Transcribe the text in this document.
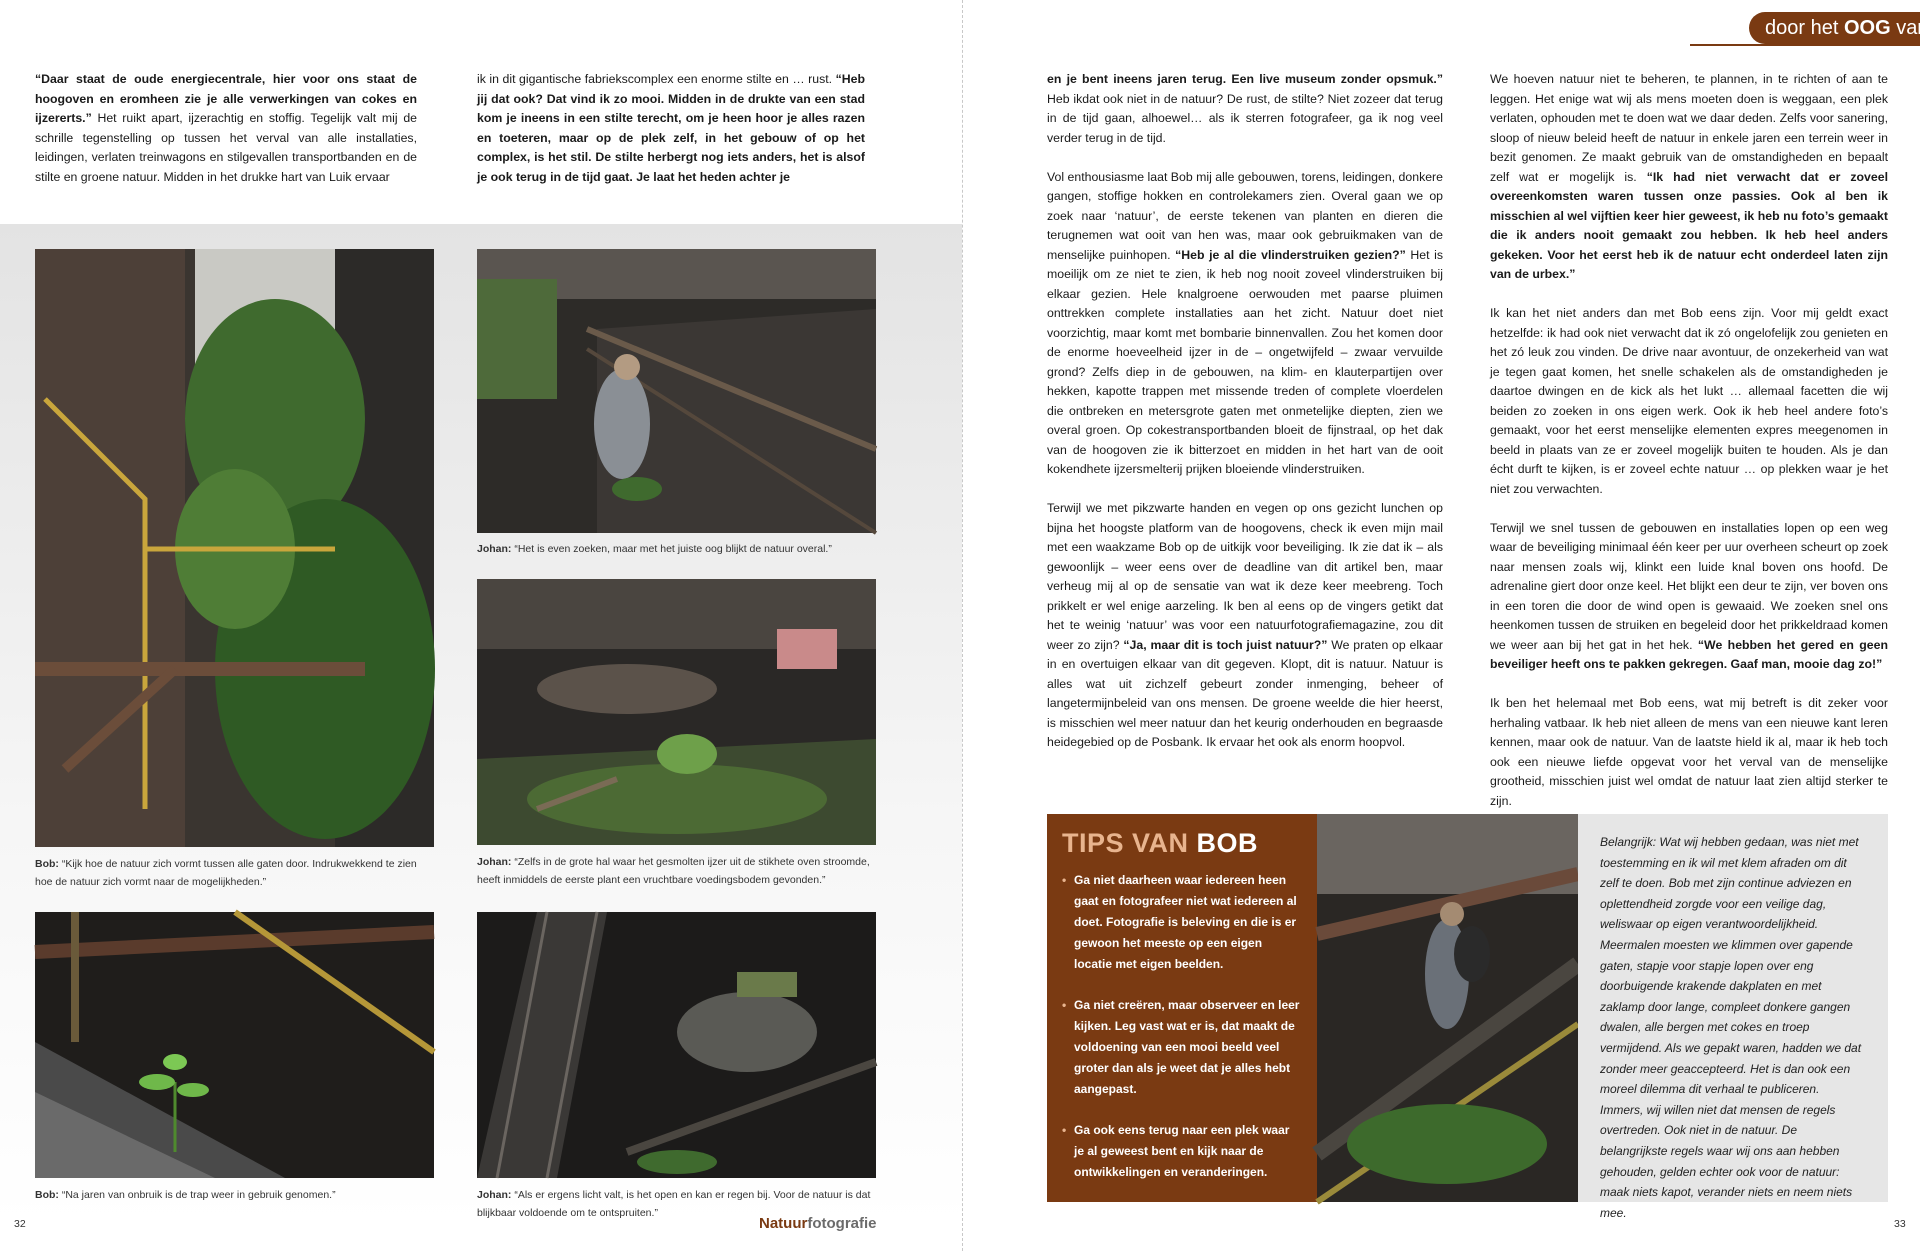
door het OOG van

“Daar staat de oude energiecentrale, hier voor ons staat de hoogoven en eromheen zie je alle verwerkingen van cokes en ijzererts.” Het ruikt apart, ijzerachtig en stoffig. Tegelijk valt mij de schrille tegenstelling op tussen het verval van alle installaties, leidingen, verlaten treinwagons en stilgevallen transportbanden en de stilte en groene natuur. Midden in het drukke hart van Luik ervaar

ik in dit gigantische fabriekscomplex een enorme stilte en … rust. “Heb jij dat ook? Dat vind ik zo mooi. Midden in de drukte van een stad kom je ineens in een stilte terecht, om je heen hoor je alles razen en toeteren, maar op de plek zelf, in het gebouw of op het complex, is het stil. De stilte herbergt nog iets anders, het is alsof je ook terug in de tijd gaat. Je laat het heden achter je

Bob: “Kijk hoe de natuur zich vormt tussen alle gaten door. Indrukwekkend te zien hoe de natuur zich vormt naar de mogelijkheden.”
Johan: “Het is even zoeken, maar met het juiste oog blijkt de natuur overal.”
Johan: “Zelfs in de grote hal waar het gesmolten ijzer uit de stikhete oven stroomde, heeft inmiddels de eerste plant een vruchtbare voedingsbodem gevonden.”
Bob: “Na jaren van onbruik is de trap weer in gebruik genomen.”	Johan: “Als er ergens licht valt, is het open en kan er regen bij. Voor de natuur is dat blijkbaar voldoende om te ontspruiten.”
32	Natuurfotografie

en je bent ineens jaren terug. Een live museum zonder opsmuk.” Heb ikdat ook niet in de natuur? De rust, de stilte? Niet zozeer dat terug in de tijd gaan, alhoewel… als ik sterren fotografeer, ga ik nog veel verder terug in de tijd.

Vol enthousiasme laat Bob mij alle gebouwen, torens, leidingen, donkere gangen, stoffige hokken en controlekamers zien. Overal gaan we op zoek naar ‘natuur’, de eerste tekenen van planten en dieren die terugnemen wat ooit van hen was, maar ook gebruikmaken van de menselijke puinhopen. “Heb je al die vlinderstruiken gezien?” Het is moeilijk om ze niet te zien, ik heb nog nooit zoveel vlinderstruiken bij elkaar gezien. Hele knalgroene oerwouden met paarse pluimen onttrekken complete installaties aan het zicht. Natuur doet niet voorzichtig, maar komt met bombarie binnenvallen. Zou het komen door de enorme hoeveelheid ijzer in de – ongetwijfeld – zwaar vervuilde grond? Zelfs diep in de gebouwen, na klim- en klauterpartijen over hekken, kapotte trappen met missende treden of complete vloerdelen die ontbreken en metersgrote gaten met onmetelijke diepten, zien we overal groen. Op cokestransportbanden bloeit de fijnstraal, op het dak van de hoogoven zie ik bitterzoet en midden in het hart van de ooit kokendhete ijzersmelterij prijken bloeiende vlinderstruiken.

Terwijl we met pikzwarte handen en vegen op ons gezicht lunchen op bijna het hoogste platform van de hoogovens, check ik even mijn mail met een waakzame Bob op de uitkijk voor beveiliging. Ik zie dat ik – als gewoonlijk – weer eens over de deadline van dit artikel ben, maar verheug mij al op de sensatie van wat ik deze keer meebreng. Toch prikkelt er wel enige aarzeling. Ik ben al eens op de vingers getikt dat het te weinig ‘natuur’ was voor een natuurfotografiemagazine, zou dit weer zo zijn? “Ja, maar dit is toch juist natuur?” We praten op elkaar in en overtuigen elkaar van dit gegeven. Klopt, dit is natuur. Natuur is alles wat uit zichzelf gebeurt zonder inmenging, beheer of langetermijnbeleid van ons mensen. De groene weelde die hier heerst, is misschien wel meer natuur dan het keurig onderhouden en begraasde heidegebied op de Posbank. Ik ervaar het ook als enorm hoopvol.

We hoeven natuur niet te beheren, te plannen, in te richten of aan te leggen. Het enige wat wij als mens moeten doen is weggaan, een plek verlaten, ophouden met te doen wat we daar deden. Zelfs voor sanering, sloop of nieuw beleid heeft de natuur in enkele jaren een terrein weer in bezit genomen. Ze maakt gebruik van de omstandigheden en bepaalt zelf wat er mogelijk is. “Ik had niet verwacht dat er zoveel overeenkomsten waren tussen onze passies. Ook al ben ik misschien al wel vijftien keer hier geweest, ik heb nu foto’s gemaakt die ik anders nooit gemaakt zou hebben. Ik heb heel anders gekeken. Voor het eerst heb ik de natuur echt onderdeel laten zijn van de urbex.”

Ik kan het niet anders dan met Bob eens zijn. Voor mij geldt exact hetzelfde: ik had ook niet verwacht dat ik zó ongelofelijk zou genieten en het zó leuk zou vinden. De drive naar avontuur, de onzekerheid van wat je tegen gaat komen, het snelle schakelen als de omstandigheden je daartoe dwingen en de kick als het lukt … allemaal facetten die wij beiden zo zoeken in ons eigen werk. Ook ik heb heel andere foto’s gemaakt, voor het eerst menselijke elementen expres meegenomen in beeld in plaats van ze er zoveel mogelijk buiten te houden. Als je dan écht durft te kijken, is er zoveel echte natuur … op plekken waar je het niet zou verwachten.

Terwijl we snel tussen de gebouwen en installaties lopen op een weg waar de beveiliging minimaal één keer per uur overheen scheurt op zoek naar mensen zoals wij, klinkt een luide knal boven ons hoofd. De adrenaline giert door onze keel. Het blijkt een deur te zijn, ver boven ons in een toren die door de wind open is gewaaid. We zoeken snel ons heenkomen tussen de struiken en begeleid door het prikkeldraad komen we weer aan bij het gat in het hek. “We hebben het gered en geen beveiliger heeft ons te pakken gekregen. Gaaf man, mooie dag zo!”

Ik ben het helemaal met Bob eens, wat mij betreft is dit zeker voor herhaling vatbaar. Ik heb niet alleen de mens van een nieuwe kant leren kennen, maar ook de natuur. Van de laatste hield ik al, maar ik heb toch ook een nieuwe liefde opgevat voor het verval van de menselijke grootheid, misschien juist wel omdat de natuur laat zien altijd sterker te zijn.

TIPS VAN BOB
• Ga niet daarheen waar iedereen heen gaat en fotografeer niet wat iedereen al doet. Fotografie is beleving en die is er gewoon het meeste op een eigen locatie met eigen beelden.
• Ga niet creëren, maar observeer en leer kijken. Leg vast wat er is, dat maakt de voldoening van een mooi beeld veel groter dan als je weet dat je alles hebt aangepast.
• Ga ook eens terug naar een plek waar je al geweest bent en kijk naar de ontwikkelingen en veranderingen.
Belangrijk: Wat wij hebben gedaan, was niet met toestemming en ik wil met klem afraden om dit zelf te doen. Bob met zijn continue adviezen en oplettendheid zorgde voor een veilige dag, weliswaar op eigen verantwoordelijkheid. Meermalen moesten we klimmen over gapende gaten, stapje voor stapje lopen over eng doorbuigende krakende dakplaten en met zaklamp door lange, compleet donkere gangen dwalen, alle bergen met cokes en troep vermijdend. Als we gepakt waren, hadden we dat zonder meer geaccepteerd. Het is dan ook een moreel dilemma dit verhaal te publiceren. Immers, wij willen niet dat mensen de regels overtreden. Ook niet in de natuur. De belangrijkste regels waar wij ons aan hebben gehouden, gelden echter ook voor de natuur: maak niets kapot, verander niets en neem niets mee.
33
